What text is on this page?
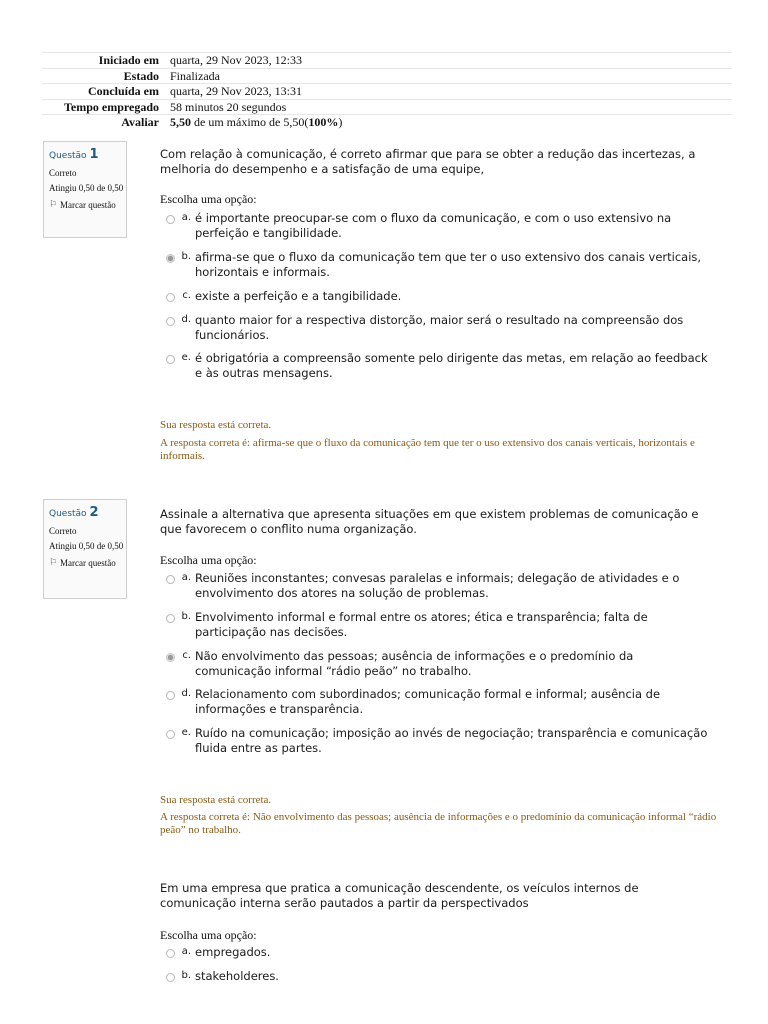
Iniciado em quarta, 29 Nov 2023, 12:33
Estado Finalizada
Concluída em quarta, 29 Nov 2023, 13:31
Tempo empregado 58 minutos 20 segundos
Avaliar 5,50 de um máximo de 5,50(100%)
Questão 1
Correto
Atingiu 0,50 de 0,50
⚐ Marcar questão
Com relação à comunicação, é correto afirmar que para se obter a redução das incertezas, a melhoria do desempenho e a satisfação de uma equipe,
Escolha uma opção:
a. é importante preocupar-se com o fluxo da comunicação, e com o uso extensivo na perfeição e tangibilidade.
b. afirma-se que o fluxo da comunicação tem que ter o uso extensivo dos canais verticais, horizontais e informais.
c. existe a perfeição e a tangibilidade.
d. quanto maior for a respectiva distorção, maior será o resultado na compreensão dos funcionários.
e. é obrigatória a compreensão somente pelo dirigente das metas, em relação ao feedback e às outras mensagens.
Sua resposta está correta.
A resposta correta é: afirma-se que o fluxo da comunicação tem que ter o uso extensivo dos canais verticais, horizontais e informais.
Questão 2
Correto
Atingiu 0,50 de 0,50
⚐ Marcar questão
Assinale a alternativa que apresenta situações em que existem problemas de comunicação e que favorecem o conflito numa organização.
Escolha uma opção:
a. Reuniões inconstantes; convesas paralelas e informais; delegação de atividades e o envolvimento dos atores na solução de problemas.
b. Envolvimento informal e formal entre os atores; ética e transparência; falta de participação nas decisões.
c. Não envolvimento das pessoas; ausência de informações e o predomínio da comunicação informal “rádio peão” no trabalho.
d. Relacionamento com subordinados; comunicação formal e informal; ausência de informações e transparência.
e. Ruído na comunicação; imposição ao invés de negociação; transparência e comunicação fluida entre as partes.
Sua resposta está correta.
A resposta correta é: Não envolvimento das pessoas; ausência de informações e o predomínio da comunicação informal “rádio peão” no trabalho.
Em uma empresa que pratica a comunicação descendente, os veículos internos de comunicação interna serão pautados a partir da perspectivados
Escolha uma opção:
a. empregados.
b. stakeholderes.
